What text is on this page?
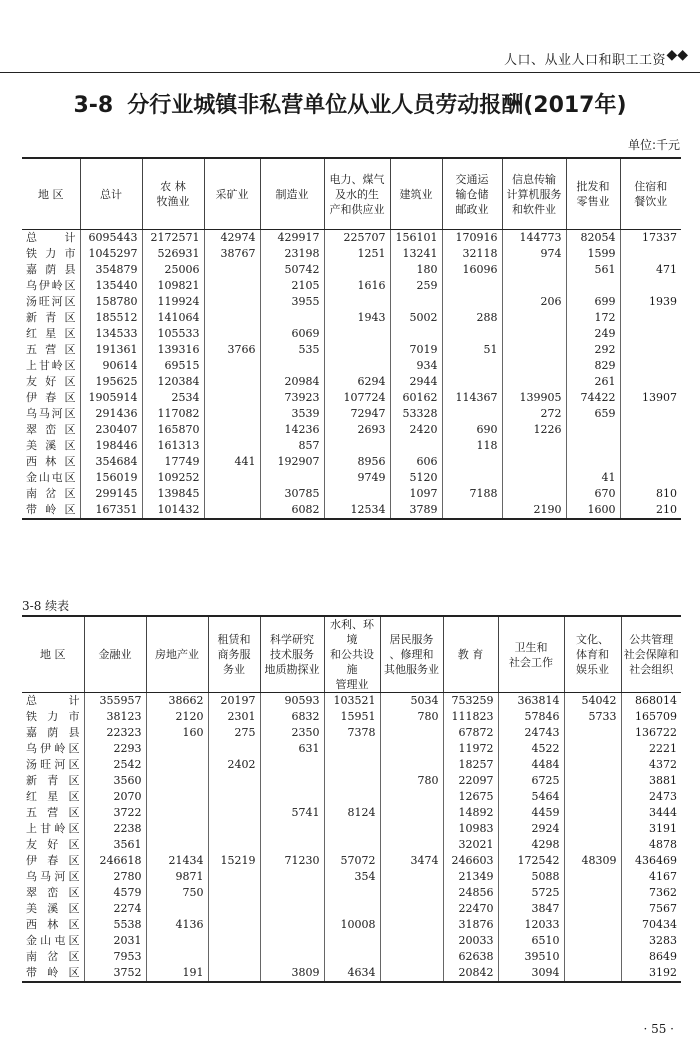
人口、从业人口和职工工资 ◆◆
3-8 分行业城镇非私营单位从业人员劳动报酬(2017年)
单位:千元
地 区	总计	农 林
牧渔业	采矿业	制造业	电力、煤气
及水的生
产和供应业	建筑业	交通运
输仓储
邮政业	信息传输
计算机服务
和软件业	批发和
零售业	住宿和
餐饮业
总　　计	6095443	2172571	42974	429917	225707	156101	170916	144773	82054	17337
铁力市	1045297	526931	38767	23198	1251	13241	32118	974	1599	
嘉荫县	354879	25006		50742		180	16096		561	471
乌伊岭区	135440	109821		2105	1616	259				
汤旺河区	158780	119924		3955				206	699	1939
新青区	185512	141064			1943	5002	288		172	
红星区	134533	105533		6069					249	
五营区	191361	139316	3766	535		7019	51		292	
上甘岭区	90614	69515				934			829	
友好区	195625	120384		20984	6294	2944			261	
伊春区	1905914	2534		73923	107724	60162	114367	139905	74422	13907
乌马河区	291436	117082		3539	72947	53328		272	659	
翠峦区	230407	165870		14236	2693	2420	690	1226		
美溪区	198446	161313		857			118			
西林区	354684	17749	441	192907	8956	606				
金山屯区	156019	109252			9749	5120			41	
南岔区	299145	139845		30785		1097	7188		670	810
带岭区	167351	101432		6082	12534	3789		2190	1600	210
3-8 续表
地 区	金融业	房地产业	租赁和
商务服
务业	科学研究
技术服务
地质勘探业	水利、环境
和公共设施
管理业	居民服务
、修理和
其他服务业	教 育	卫生和
社会工作	文化、
体育和
娱乐业	公共管理
社会保障和
社会组织
总　　计	355957	38662	20197	90593	103521	5034	753259	363814	54042	868014
铁力市	38123	2120	2301	6832	15951	780	111823	57846	5733	165709
嘉荫县	22323	160	275	2350	7378		67872	24743		136722
乌伊岭区	2293			631			11972	4522		2221
汤旺河区	2542		2402				18257	4484		4372
新青区	3560					780	22097	6725		3881
红星区	2070						12675	5464		2473
五营区	3722			5741	8124		14892	4459		3444
上甘岭区	2238						10983	2924		3191
友好区	3561						32021	4298		4878
伊春区	246618	21434	15219	71230	57072	3474	246603	172542	48309	436469
乌马河区	2780	9871			354		21349	5088		4167
翠峦区	4579	750					24856	5725		7362
美溪区	2274						22470	3847		7567
西林区	5538	4136			10008		31876	12033		70434
金山屯区	2031						20033	6510		3283
南岔区	7953						62638	39510		8649
带岭区	3752	191		3809	4634		20842	3094		3192
· 55 ·
